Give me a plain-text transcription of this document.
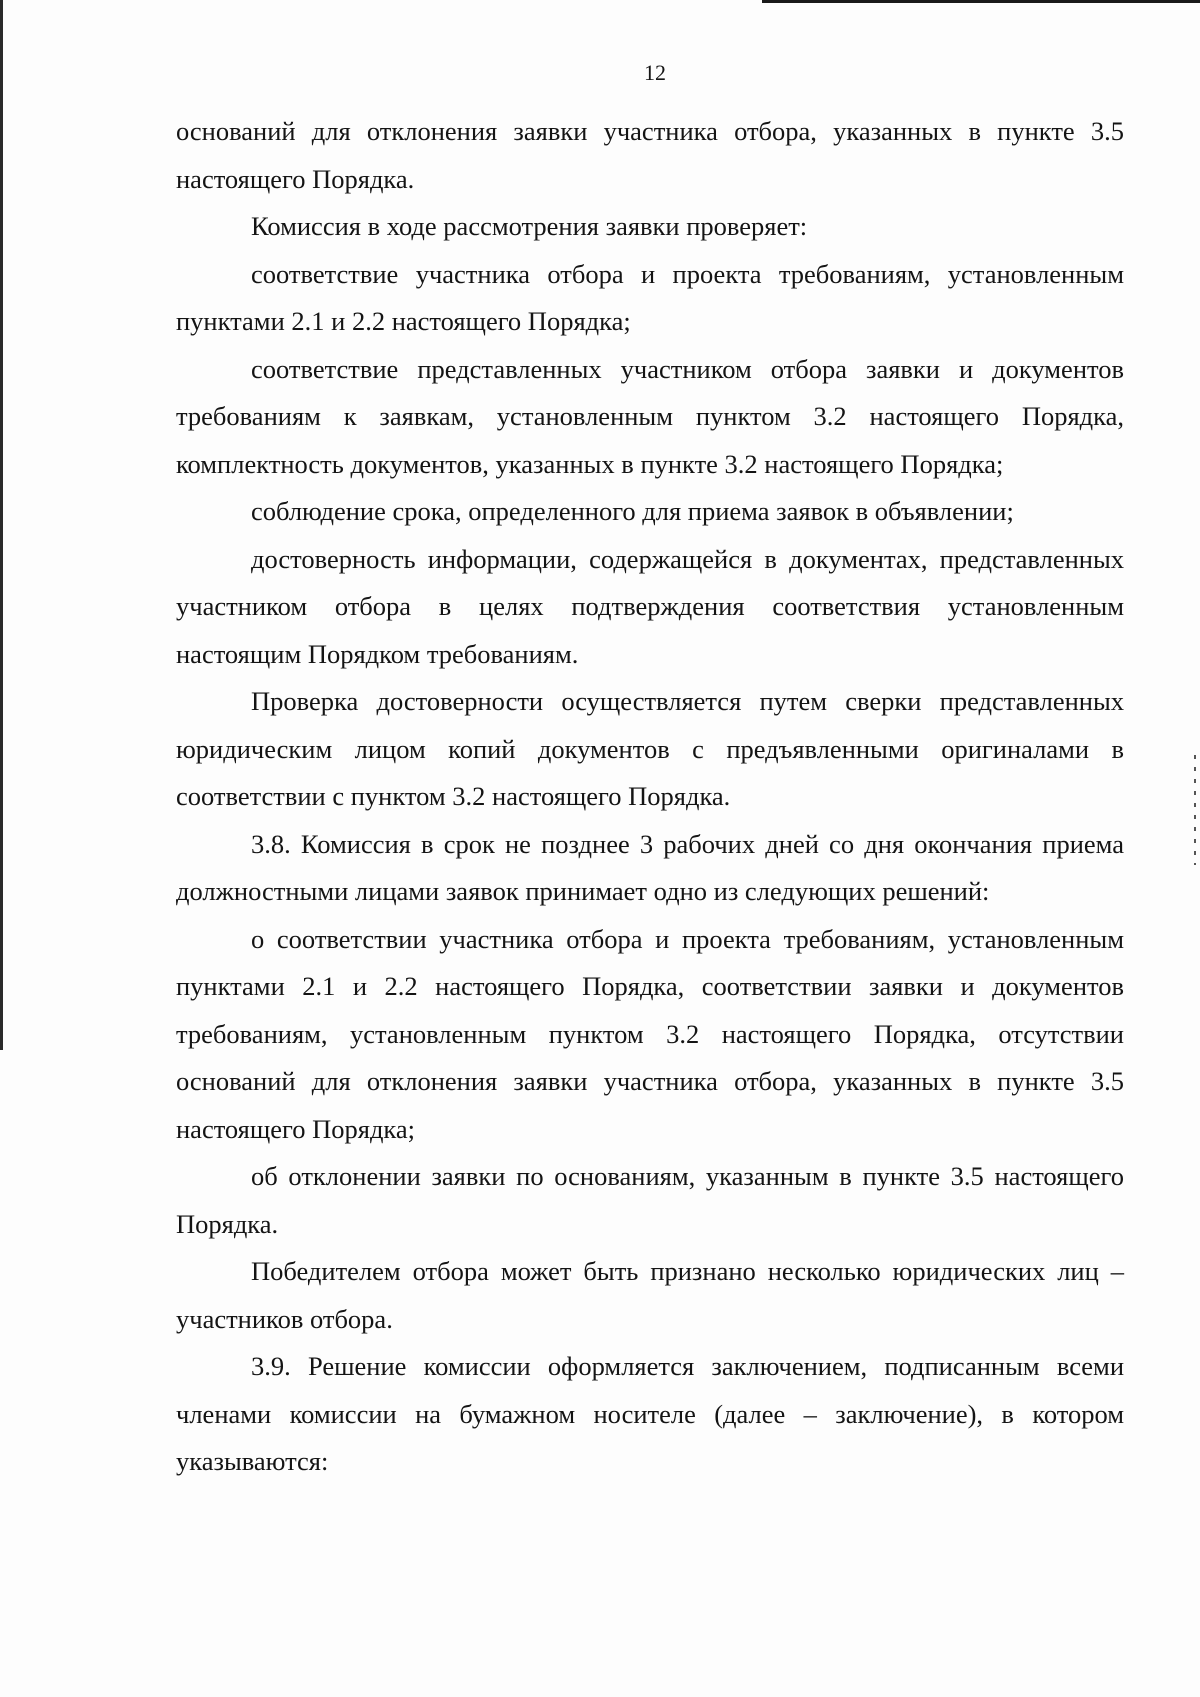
12

оснований для отклонения заявки участника отбора, указанных в пункте 3.5 настоящего Порядка.

Комиссия в ходе рассмотрения заявки проверяет:

соответствие участника отбора и проекта требованиям, установленным пунктами 2.1 и 2.2 настоящего Порядка;

соответствие представленных участником отбора заявки и документов требованиям к заявкам, установленным пунктом 3.2 настоящего Порядка, комплектность документов, указанных в пункте 3.2 настоящего Порядка;

соблюдение срока, определенного для приема заявок в объявлении;

достоверность информации, содержащейся в документах, представленных участником отбора в целях подтверждения соответствия установленным настоящим Порядком требованиям.

Проверка достоверности осуществляется путем сверки представленных юридическим лицом копий документов с предъявленными оригиналами в соответствии с пунктом 3.2 настоящего Порядка.

3.8. Комиссия в срок не позднее 3 рабочих дней со дня окончания приема должностными лицами заявок принимает одно из следующих решений:

о соответствии участника отбора и проекта требованиям, установленным пунктами 2.1 и 2.2 настоящего Порядка, соответствии заявки и документов требованиям, установленным пунктом 3.2 настоящего Порядка, отсутствии оснований для отклонения заявки участника отбора, указанных в пункте 3.5 настоящего Порядка;

об отклонении заявки по основаниям, указанным в пункте 3.5 настоящего Порядка.

Победителем отбора может быть признано несколько юридических лиц – участников отбора.

3.9. Решение комиссии оформляется заключением, подписанным всеми членами комиссии на бумажном носителе (далее – заключение), в котором указываются:
